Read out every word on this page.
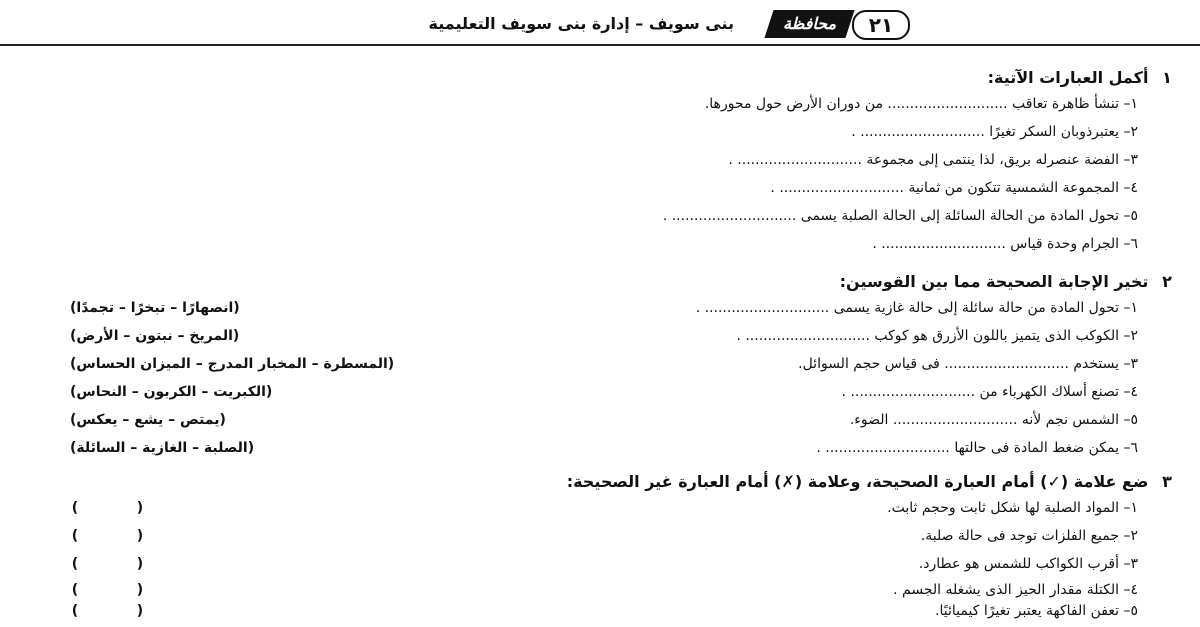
٢١
محافظة
بنى سويف – إدارة بنى سويف التعليمية
١ أكمل العبارات الآتية:
١– تنشأ ظاهرة تعاقب ........................... من دوران الأرض حول محورها.
٢– يعتبرذوبان السكر تغيرًا ............................ .
٣– الفضة عنصرله بريق، لذا ينتمى إلى مجموعة ............................ .
٤– المجموعة الشمسية تتكون من ثمانية ............................ .
٥– تحول المادة من الحالة السائلة إلى الحالة الصلبة يسمى ............................ .
٦– الجرام وحدة قياس ............................ .
٢ تخير الإجابة الصحيحة مما بين القوسين:
١– تحول المادة من حالة سائلة إلى حالة غازية يسمى ............................ .
(انصهارًا – تبخرًا – تجمدًا)
٢– الكوكب الذى يتميز باللون الأزرق هو كوكب ............................ .
(المريخ – نبتون – الأرض)
٣– يستخدم ............................ فى قياس حجم السوائل.
(المسطرة – المخبار المدرج – الميزان الحساس)
٤– تصنع أسلاك الكهرباء من ............................ .
(الكبريت – الكربون – النحاس)
٥– الشمس نجم لأنه ............................ الضوء.
(يمتص – يشع – يعكس)
٦– يمكن ضغط المادة فى حالتها ............................ .
(الصلبة – الغازية – السائلة)
٣ ضع علامة (✓) أمام العبارة الصحيحة، وعلامة (✗) أمام العبارة غير الصحيحة:
١– المواد الصلبة لها شكل ثابت وحجم ثابت.
(
)
٢– جميع الفلزات توجد فى حالة صلبة.
(
)
٣– أقرب الكواكب للشمس هو عطارد.
(
)
٤– الكتلة مقدار الحيز الذى يشغله الجسم .
(
)
٥– تعفن الفاكهة يعتبر تغيرًا كيميائيًا.
(
)
